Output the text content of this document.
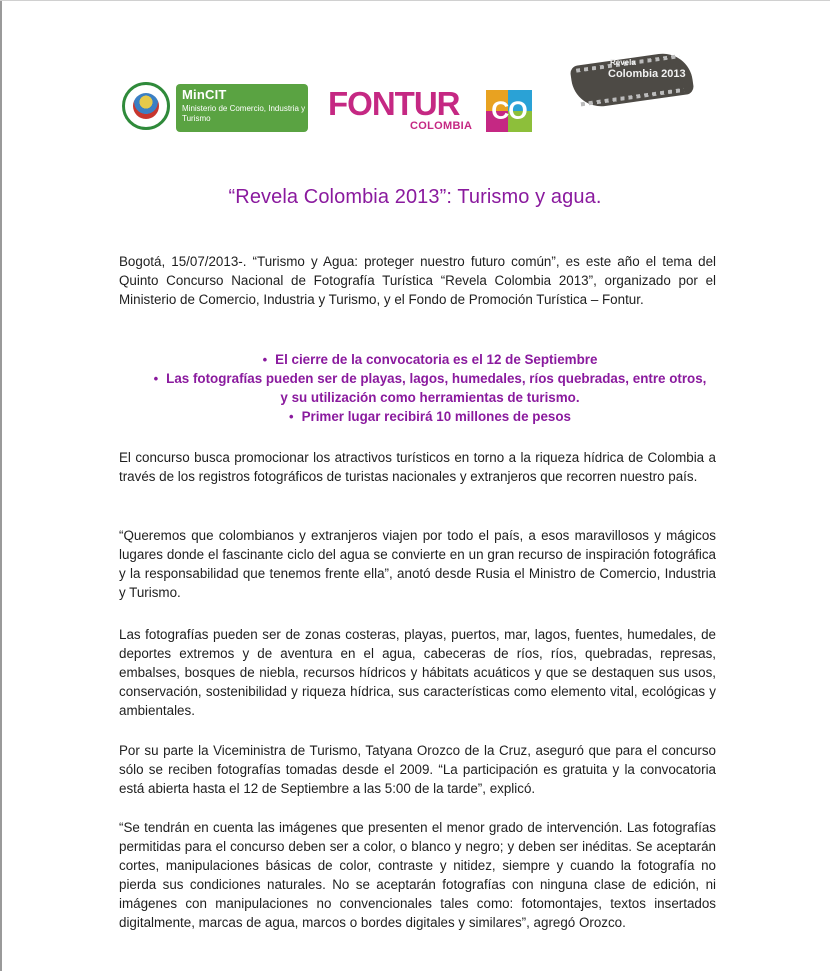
MinCIT
Ministerio de Comercio, Industria y Turismo	FONTUR
COLOMBIA
CO
Revela
Colombia 2013
“Revela Colombia 2013”: Turismo y agua.
Bogotá, 15/07/2013-. “Turismo y Agua: proteger nuestro futuro común”, es este año el tema del Quinto Concurso Nacional de Fotografía Turística “Revela Colombia 2013”, organizado por el Ministerio de Comercio, Industria y Turismo, y el Fondo de Promoción Turística – Fontur.
• El cierre de la convocatoria es el 12 de Septiembre
• Las fotografías pueden ser de playas, lagos, humedales, ríos quebradas, entre otros, y su utilización como herramientas de turismo.
• Primer lugar recibirá 10 millones de pesos
El concurso busca promocionar los atractivos turísticos en torno a la riqueza hídrica de Colombia a través de los registros fotográficos de turistas nacionales y extranjeros que recorren nuestro país.
“Queremos que colombianos y extranjeros viajen por todo el país, a esos maravillosos y mágicos lugares donde el fascinante ciclo del agua se convierte en un gran recurso de inspiración fotográfica y la responsabilidad que tenemos frente ella”, anotó desde Rusia el Ministro de Comercio, Industria y Turismo.
Las fotografías pueden ser de zonas costeras, playas, puertos, mar, lagos, fuentes, humedales, de deportes extremos y de aventura en el agua, cabeceras de ríos, ríos, quebradas, represas, embalses, bosques de niebla, recursos hídricos y hábitats acuáticos y que se destaquen sus usos, conservación, sostenibilidad y riqueza hídrica, sus características como elemento vital, ecológicas y ambientales.
Por su parte la Viceministra de Turismo, Tatyana Orozco de la Cruz, aseguró que para el concurso sólo se reciben fotografías tomadas desde el 2009. “La participación es gratuita y la convocatoria está abierta hasta el 12 de Septiembre a las 5:00 de la tarde”, explicó.
“Se tendrán en cuenta las imágenes que presenten el menor grado de intervención. Las fotografías permitidas para el concurso deben ser a color, o blanco y negro; y deben ser inéditas. Se aceptarán cortes, manipulaciones básicas de color, contraste y nitidez, siempre y cuando la fotografía no pierda sus condiciones naturales. No se aceptarán fotografías con ninguna clase de edición, ni imágenes con manipulaciones no convencionales tales como: fotomontajes, textos insertados digitalmente, marcas de agua, marcos o bordes digitales y similares”, agregó Orozco.
